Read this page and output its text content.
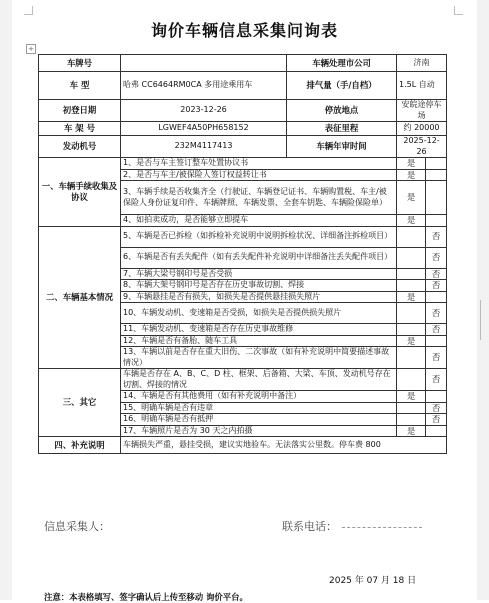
询价车辆信息采集问询表
+
车牌号		车辆处理市公司	济南	
车 型	哈弗 CC6464RM0CA 多用途乘用车	排气量（手/自档）	1.5L 自动	
初登日期	2023-12-26	停放地点	安皖途停车场	
车 架 号	LGWEF4A50PH658152	表征里程	约 20000	
发动机号	232M4117413	车辆年审时间	2025-12-26	
一、车辆手续收集及协议	1、是否与车主签订整车处置协议书		是	
	2、是否与车主/被保险人签订权益转让书		是	
	3、车辆手续是否收集齐全（行驶证、车辆登记证书、车辆购置税、车主/被保险人身份证复印件、车辆牌照、车辆发票、全套车钥匙、车辆险保险单）		是	
	4、如拍卖成功，是否能够立即提车		是	
二、车辆基本情况	5、车辆是否已拆检（如拆检补充说明中说明拆检状况、详细备注拆检项目）			否
	6、车辆是否有丢失配件（如有丢失配件补充说明中详细备注丢失配件项目）			否
	7、车辆大梁号钢印号是否受损			否
	8、车辆大架号钢印号是否存在历史事故切割、焊接			否
	9、车辆悬挂是否有损失，如损失是否提供悬挂损失照片		是	
	10、车辆发动机、变速箱是否受损，如损失是否提供损失照片			否
	11、车辆发动机、变速箱是否存在历史事故维修			否
	12、车辆是否有备胎、随车工具		是	
	13、车辆以前是否存在重大旧伤、二次事故（如有补充说明中简要描述事故情况）			否
三、其它	车辆是否存在 A、B、C、D 柱、框架、后备箱、大梁、车顶、发动机号存在切割、焊接的情况			否
	14、车辆是否有其他费用（如有补充说明中备注）		是	
	15、明确车辆是否有违章			否
	16、明确车辆是否有抵押			否
	17、车辆照片是否为 30 天之内拍摄		是	
四、补充说明	车辆损失严重，悬挂受损，建议实地验车。无法落实公里数。停车费 800			
信息采集人：	联系电话：
2025 年 07 月 18 日
注意：本表格填写、签字确认后上传至移动 询价平台。
